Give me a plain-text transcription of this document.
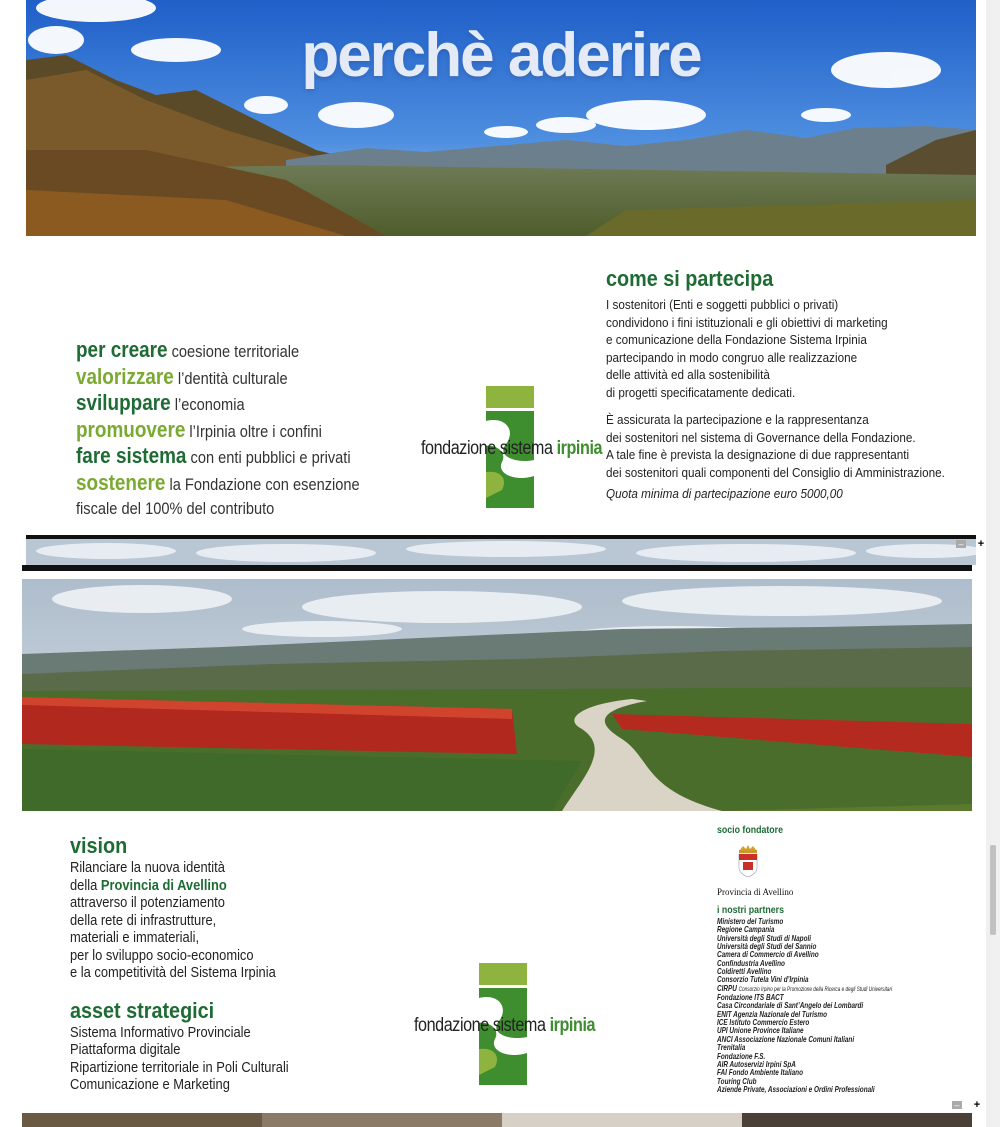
perchè aderire
per creare coesione territoriale
valorizzare l’dentità culturale
sviluppare l’economia
promuovere l’Irpinia oltre i confini
fare sistema con enti pubblici e privati
sostenere la Fondazione con esenzione
fiscale del 100% del contributo
fondazione sistema irpinia
come si partecipa
I sostenitori (Enti e soggetti pubblici o privati)
condividono i fini istituzionali e gli obiettivi di marketing
e comunicazione della Fondazione Sistema Irpinia
partecipando in modo congruo alle realizzazione
delle attività ed alla sostenibilità
di progetti specificatamente dedicati.
È assicurata la partecipazione e la rappresentanza
dei sostenitori nel sistema di Governance della Fondazione.
A tale fine è prevista la designazione di due rappresentanti
dei sostenitori quali componenti del Consiglio di Amministrazione.
Quota minima di partecipazione euro 5000,00
– +
vision
Rilanciare la nuova identità
della Provincia di Avellino
attraverso il potenziamento
della rete di infrastrutture,
materiali e immateriali,
per lo sviluppo socio-economico
e la competitività del Sistema Irpinia
asset strategici
Sistema Informativo Provinciale
Piattaforma digitale
Ripartizione territoriale in Poli Culturali
Comunicazione e Marketing
fondazione sistema irpinia
socio fondatore
Provincia di Avellino
i nostri partners
Ministero del Turismo
Regione Campania
Università degli Studi di Napoli
Università degli Studi del Sannio
Camera di Commercio di Avellino
Confindustria Avellino
Coldiretti Avellino
Consorzio Tutela Vini d’Irpinia
CIRPU Consorzio Irpino per la Promozione della Ricerca e degli Studi Universitari
Fondazione ITS BACT
Casa Circondariale di Sant’Angelo dei Lombardi
ENIT Agenzia Nazionale del Turismo
ICE Istituto Commercio Estero
UPI Unione Province Italiane
ANCI Associazione Nazionale Comuni Italiani
Trenitalia
Fondazione F.S.
AIR Autoservizi Irpini SpA
FAI Fondo Ambiente Italiano
Touring Club
Aziende Private, Associazioni e Ordini Professionali
– +
